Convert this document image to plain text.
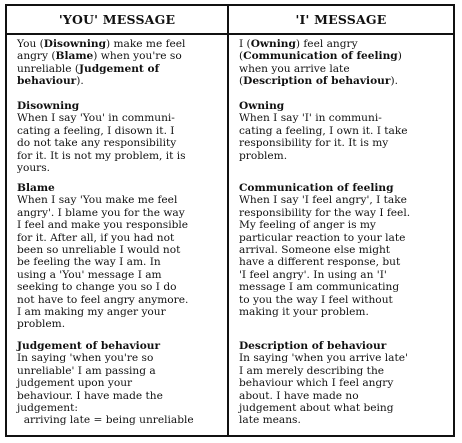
'YOU' MESSAGE	'I' MESSAGE
You (Disowning) make me feel
angry (Blame) when you're so
unreliable (Judgement of
behaviour).
Disowning
When I say 'You' in communi-
cating a feeling, I disown it. I
do not take any responsibility
for it. It is not my problem, it is
yours.
Blame
When I say 'You make me feel
angry'. I blame you for the way
I feel and make you responsible
for it. After all, if you had not
been so unreliable I would not
be feeling the way I am. In
using a 'You' message I am
seeking to change you so I do
not have to feel angry anymore.
I am making my anger your
problem.
Judgement of behaviour
In saying 'when you're so
unreliable' I am passing a
judgement upon your
behaviour. I have made the
judgement:
arriving late = being unreliable
I (Owning) feel angry
(Communication of feeling)
when you arrive late
(Description of behaviour).
Owning
When I say 'I' in communi-
cating a feeling, I own it. I take
responsibility for it. It is my
problem.
Communication of feeling
When I say 'I feel angry', I take
responsibility for the way I feel.
My feeling of anger is my
particular reaction to your late
arrival. Someone else might
have a different response, but
'I feel angry'. In using an 'I'
message I am communicating
to you the way I feel without
making it your problem.
Description of behaviour
In saying 'when you arrive late'
I am merely describing the
behaviour which I feel angry
about. I have made no
judgement about what being
late means.
